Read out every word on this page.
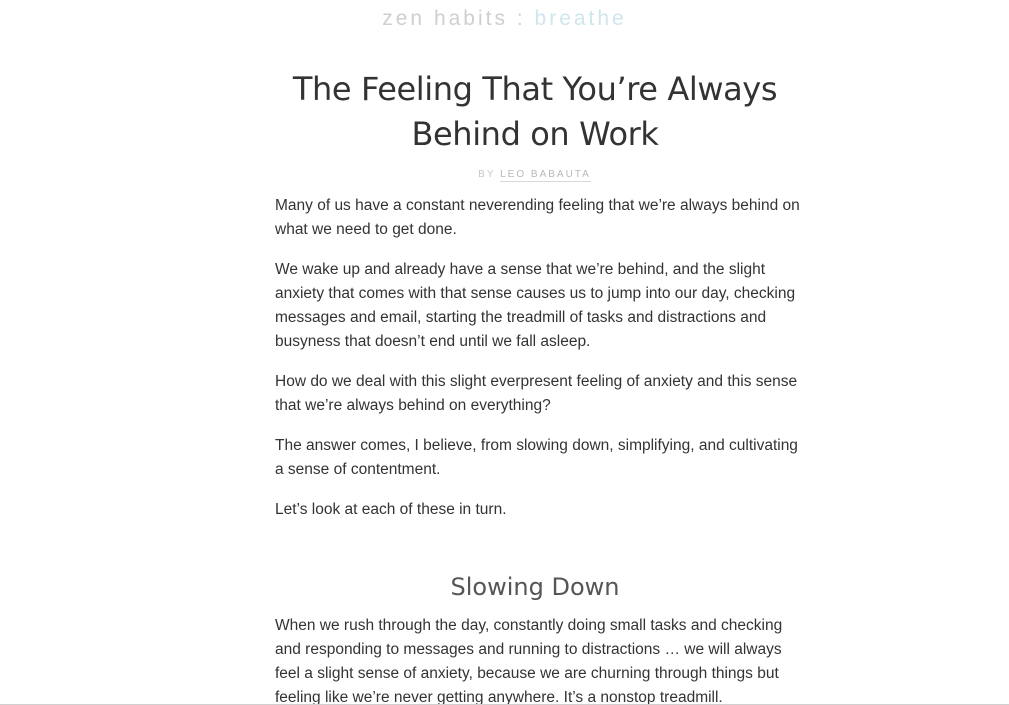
zen habits : breathe
The Feeling That You’re Always Behind on Work
BY LEO BABAUTA

Many of us have a constant neverending feeling that we’re always behind on what we need to get done.

We wake up and already have a sense that we’re behind, and the slight anxiety that comes with that sense causes us to jump into our day, checking messages and email, starting the treadmill of tasks and distractions and busyness that doesn’t end until we fall asleep.

How do we deal with this slight everpresent feeling of anxiety and this sense that we’re always behind on everything?

The answer comes, I believe, from slowing down, simplifying, and cultivating a sense of contentment.

Let’s look at each of these in turn.

Slowing Down

When we rush through the day, constantly doing small tasks and checking and responding to messages and running to distractions … we will always feel a slight sense of anxiety, because we are churning through things but feeling like we’re never getting anywhere. It’s a nonstop treadmill.
